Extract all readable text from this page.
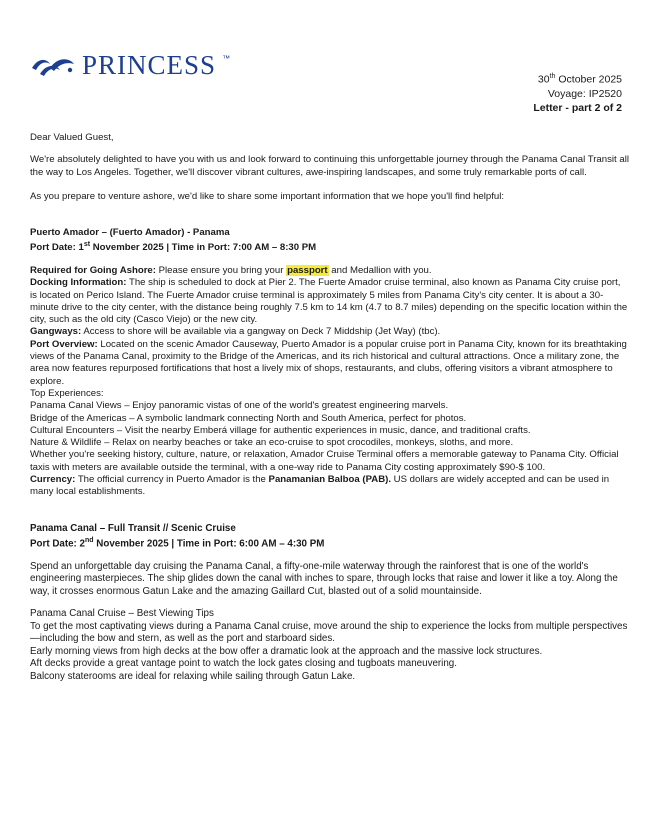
PRINCESS ™
30th October 2025
Voyage: IP2520
Letter - part 2 of 2

Dear Valued Guest,

We're absolutely delighted to have you with us and look forward to continuing this unforgettable journey through the Panama Canal Transit all the way to Los Angeles. Together, we'll discover vibrant cultures, awe-inspiring landscapes, and some truly remarkable ports of call.

As you prepare to venture ashore, we'd like to share some important information that we hope you'll find helpful:

Puerto Amador – (Fuerto Amador) - Panama

Port Date: 1st November 2025 | Time in Port: 7:00 AM – 8:30 PM

Required for Going Ashore: Please ensure you bring your passport and Medallion with you.

Docking Information: The ship is scheduled to dock at Pier 2. The Fuerte Amador cruise terminal, also known as Panama City cruise port, is located on Perico Island. The Fuerte Amador cruise terminal is approximately 5 miles from Panama City's city center. It is about a 30-minute drive to the city center, with the distance being roughly 7.5 km to 14 km (4.7 to 8.7 miles) depending on the specific location within the city, such as the old city (Casco Viejo) or the new city.

Gangways: Access to shore will be available via a gangway on Deck 7 Middship (Jet Way) (tbc).

Port Overview: Located on the scenic Amador Causeway, Puerto Amador is a popular cruise port in Panama City, known for its breathtaking views of the Panama Canal, proximity to the Bridge of the Americas, and its rich historical and cultural attractions. Once a military zone, the area now features repurposed fortifications that host a lively mix of shops, restaurants, and clubs, offering visitors a vibrant atmosphere to explore.

Top Experiences:

Panama Canal Views – Enjoy panoramic vistas of one of the world's greatest engineering marvels.

Bridge of the Americas – A symbolic landmark connecting North and South America, perfect for photos.

Cultural Encounters – Visit the nearby Emberá village for authentic experiences in music, dance, and traditional crafts.

Nature & Wildlife – Relax on nearby beaches or take an eco-cruise to spot crocodiles, monkeys, sloths, and more.

Whether you're seeking history, culture, nature, or relaxation, Amador Cruise Terminal offers a memorable gateway to Panama City. Official taxis with meters are available outside the terminal, with a one-way ride to Panama City costing approximately $90-$ 100.

Currency: The official currency in Puerto Amador is the Panamanian Balboa (PAB). US dollars are widely accepted and can be used in many local establishments.

Panama Canal – Full Transit // Scenic Cruise

Port Date: 2nd November 2025 | Time in Port: 6:00 AM – 4:30 PM

Spend an unforgettable day cruising the Panama Canal, a fifty-one-mile waterway through the rainforest that is one of the world's engineering masterpieces. The ship glides down the canal with inches to spare, through locks that raise and lower it like a toy. Along the way, it crosses enormous Gatun Lake and the amazing Gaillard Cut, blasted out of a solid mountainside.

Panama Canal Cruise – Best Viewing Tips

To get the most captivating views during a Panama Canal cruise, move around the ship to experience the locks from multiple perspectives—including the bow and stern, as well as the port and starboard sides.

Early morning views from high decks at the bow offer a dramatic look at the approach and the massive lock structures.

Aft decks provide a great vantage point to watch the lock gates closing and tugboats maneuvering.

Balcony staterooms are ideal for relaxing while sailing through Gatun Lake.
